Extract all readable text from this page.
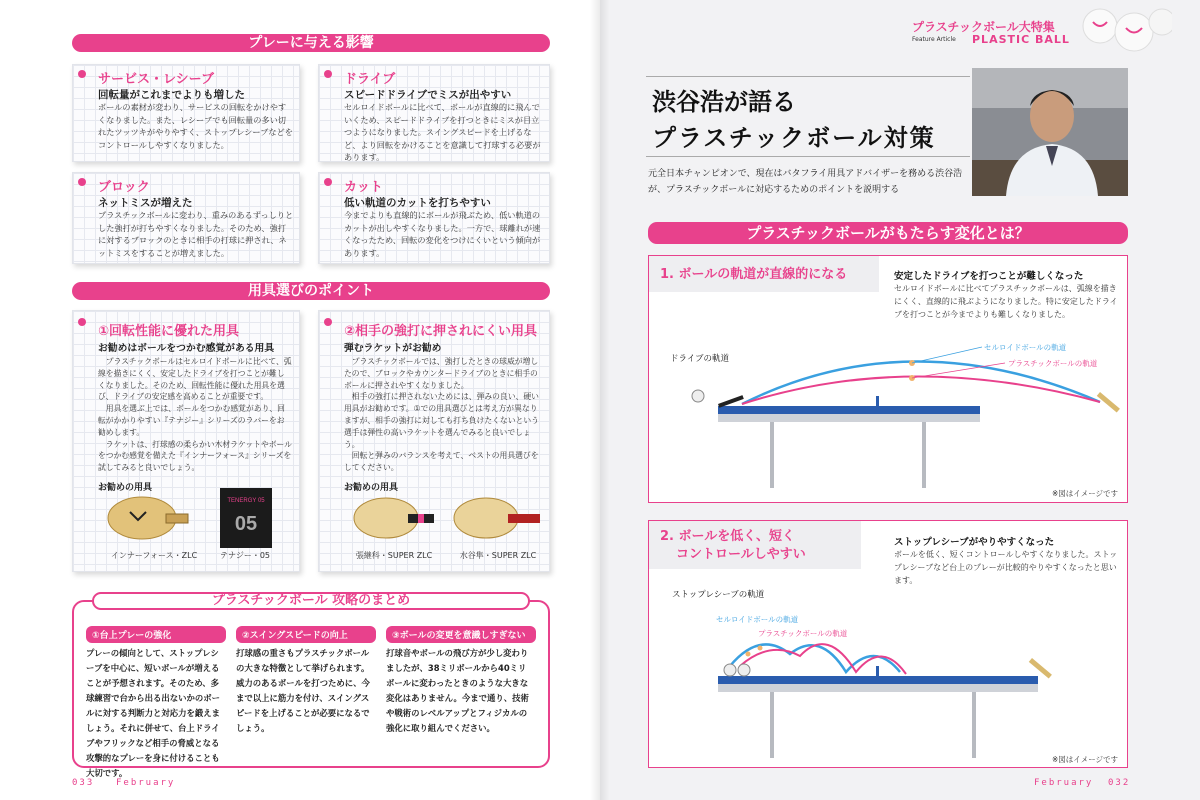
プレーに与える影響
サービス・レシーブ
回転量がこれまでよりも増した
ボールの素材が変わり、サービスの回転をかけやすくなりました。また、レシーブでも回転量の多い切れたツッツキがやりやすく、ストップレシーブなどをコントロールしやすくなりました。
ドライブ
スピードドライブでミスが出やすい
セルロイドボールに比べて、ボールが直線的に飛んでいくため、スピードドライブを打つときにミスが目立つようになりました。スイングスピードを上げるなど、より回転をかけることを意識して打球する必要があります。
ブロック
ネットミスが増えた
プラスチックボールに変わり、重みのあるずっしりとした強打が打ちやすくなりました。そのため、強打に対するブロックのときに相手の打球に押され、ネットミスをすることが増えました。
カット
低い軌道のカットを打ちやすい
今までよりも直線的にボールが飛ぶため、低い軌道のカットが出しやすくなりました。一方で、球離れが速くなったため、回転の変化をつけにくいという傾向があります。
用具選びのポイント
①回転性能に優れた用具
お勧めはボールをつかむ感覚がある用具
　プラスチックボールはセルロイドボールに比べて、弧線を描きにくく、安定したドライブを打つことが難しくなりました。そのため、回転性能に優れた用具を選び、ドライブの安定感を高めることが重要です。
　用具を選ぶ上では、ボールをつかむ感覚があり、回転がかかりやすい『テナジー』シリーズのラバーをお勧めします。
　ラケットは、打球感の柔らかい木材ラケットやボールをつかむ感覚を備えた『インナーフォース』シリーズを試してみると良いでしょう。
お勧めの用具
TENERGY 05
05
インナーフォース・ZLC	テナジー・05
②相手の強打に押されにくい用具
弾むラケットがお勧め
　プラスチックボールでは、強打したときの球威が増したので、ブロックやカウンタードライブのときに相手のボールに押されやすくなりました。
　相手の強打に押されないためには、弾みの良い、硬い用具がお勧めです。①での用具選びとは考え方が異なりますが、相手の強打に対しても打ち負けたくないという選手は弾性の高いラケットを選んでみると良いでしょう。
　回転と弾みのバランスを考えて、ベストの用具選びをしてください。
お勧めの用具
張継科・SUPER ZLC	水谷隼・SUPER ZLC
プラスチックボール 攻略のまとめ
①台上プレーの強化
プレーの傾向として、ストップレシーブを中心に、短いボールが増えることが予想されます。そのため、多球練習で台から出る出ないかのボールに対する判断力と対応力を鍛えましょう。それに併せて、台上ドライブやフリックなど相手の脅威となる攻撃的なプレーを身に付けることも大切です。
②スイングスピードの向上
打球感の重さもプラスチックボールの大きな特徴として挙げられます。威力のあるボールを打つために、今まで以上に筋力を付け、スイングスピードを上げることが必要になるでしょう。
③ボールの変更を意識しすぎない
打球音やボールの飛び方が少し変わりましたが、38ミリボールから40ミリボールに変わったときのような大きな変化はありません。今まで通り、技術や戦術のレベルアップとフィジカルの強化に取り組んでください。
033 February
プラスチックボール大特集
Feature Article PLASTIC BALL
渋谷浩が語る
プラスチックボール対策
元全日本チャンピオンで、現在はバタフライ用具アドバイザーを務める渋谷浩が、プラスチックボールに対応するためのポイントを説明する
プラスチックボールがもたらす変化とは？
1. ボールの軌道が直線的になる	安定したドライブを打つことが難しくなった
セルロイドボールに比べてプラスチックボールは、弧線を描きにくく、直線的に飛ぶようになりました。特に安定したドライブを打つことが今までよりも難しくなりました。
ドライブの軌道
セルロイドボールの軌道
プラスチックボールの軌道
※図はイメージです
2. ボールを低く、短く
コントロールしやすい
ストップレシーブがやりやすくなった
ボールを低く、短くコントロールしやすくなりました。ストップレシーブなど台上のプレーが比較的やりやすくなったと思います。
ストップレシーブの軌道
セルロイドボールの軌道
プラスチックボールの軌道
※図はイメージです
February 032
